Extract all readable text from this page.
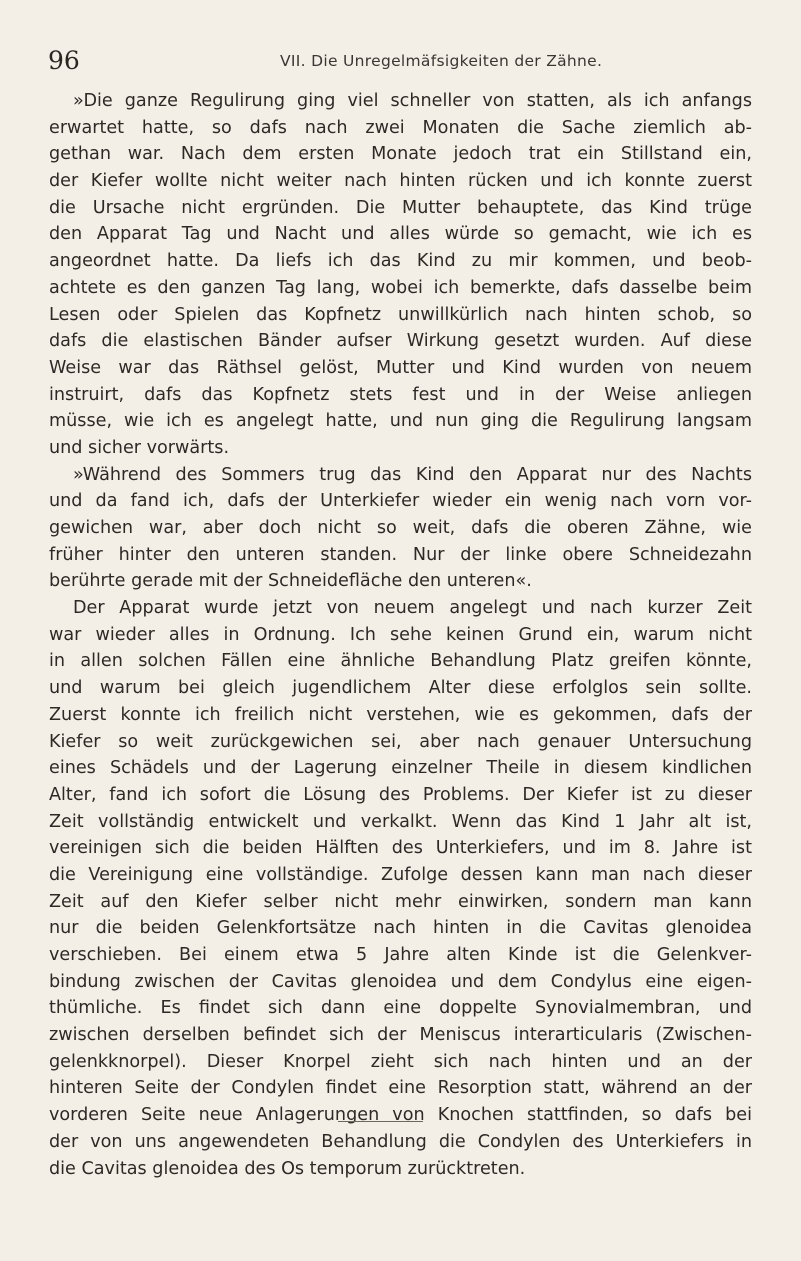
96	VII. Die Unregelmäfsigkeiten der Zähne.
»Die ganze Regulirung ging viel schneller von statten, als ich anfangs
erwartet hatte, so dafs nach zwei Monaten die Sache ziemlich ab-
gethan war. Nach dem ersten Monate jedoch trat ein Stillstand ein,
der Kiefer wollte nicht weiter nach hinten rücken und ich konnte zuerst
die Ursache nicht ergründen. Die Mutter behauptete, das Kind trüge
den Apparat Tag und Nacht und alles würde so gemacht, wie ich es
angeordnet hatte. Da liefs ich das Kind zu mir kommen, und beob-
achtete es den ganzen Tag lang, wobei ich bemerkte, dafs dasselbe beim
Lesen oder Spielen das Kopfnetz unwillkürlich nach hinten schob, so
dafs die elastischen Bänder aufser Wirkung gesetzt wurden. Auf diese
Weise war das Räthsel gelöst, Mutter und Kind wurden von neuem
instruirt, dafs das Kopfnetz stets fest und in der Weise anliegen
müsse, wie ich es angelegt hatte, und nun ging die Regulirung langsam
und sicher vorwärts.
»Während des Sommers trug das Kind den Apparat nur des Nachts
und da fand ich, dafs der Unterkiefer wieder ein wenig nach vorn vor-
gewichen war, aber doch nicht so weit, dafs die oberen Zähne, wie
früher hinter den unteren standen. Nur der linke obere Schneidezahn
berührte gerade mit der Schneidefläche den unteren«.
Der Apparat wurde jetzt von neuem angelegt und nach kurzer Zeit
war wieder alles in Ordnung. Ich sehe keinen Grund ein, warum nicht
in allen solchen Fällen eine ähnliche Behandlung Platz greifen könnte,
und warum bei gleich jugendlichem Alter diese erfolglos sein sollte.
Zuerst konnte ich freilich nicht verstehen, wie es gekommen, dafs der
Kiefer so weit zurückgewichen sei, aber nach genauer Untersuchung
eines Schädels und der Lagerung einzelner Theile in diesem kindlichen
Alter, fand ich sofort die Lösung des Problems. Der Kiefer ist zu dieser
Zeit vollständig entwickelt und verkalkt. Wenn das Kind 1 Jahr alt ist,
vereinigen sich die beiden Hälften des Unterkiefers, und im 8. Jahre ist
die Vereinigung eine vollständige. Zufolge dessen kann man nach dieser
Zeit auf den Kiefer selber nicht mehr einwirken, sondern man kann
nur die beiden Gelenkfortsätze nach hinten in die Cavitas glenoidea
verschieben. Bei einem etwa 5 Jahre alten Kinde ist die Gelenkver-
bindung zwischen der Cavitas glenoidea und dem Condylus eine eigen-
thümliche. Es findet sich dann eine doppelte Synovialmembran, und
zwischen derselben befindet sich der Meniscus interarticularis (Zwischen-
gelenkknorpel). Dieser Knorpel zieht sich nach hinten und an der
hinteren Seite der Condylen findet eine Resorption statt, während an der
vorderen Seite neue Anlagerungen von Knochen stattfinden, so dafs bei
der von uns angewendeten Behandlung die Condylen des Unterkiefers in
die Cavitas glenoidea des Os temporum zurücktreten.
